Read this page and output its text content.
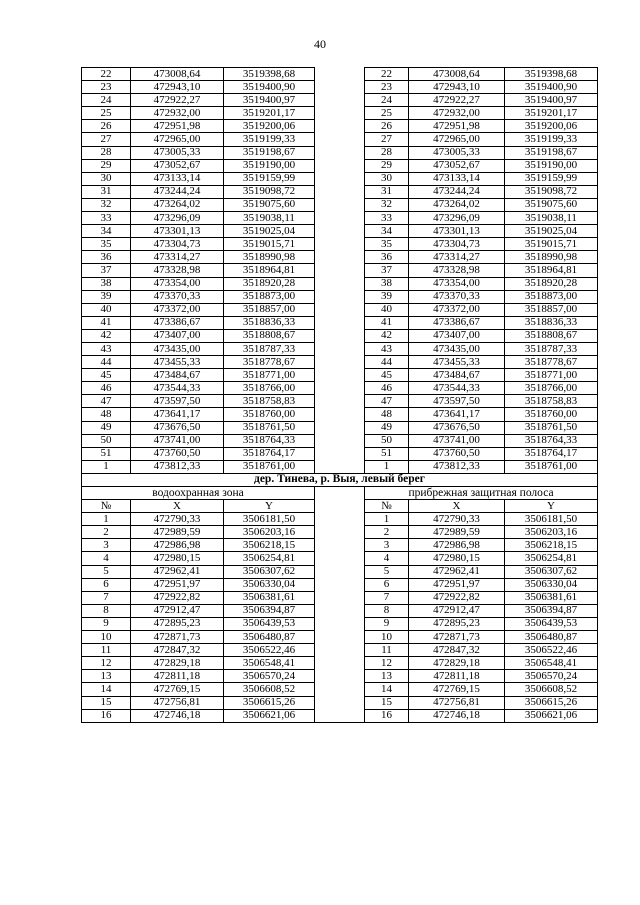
40
22	473008,64	3519398,68		22	473008,64	3519398,68
23	472943,10	3519400,90		23	472943,10	3519400,90
24	472922,27	3519400,97		24	472922,27	3519400,97
25	472932,00	3519201,17		25	472932,00	3519201,17
26	472951,98	3519200,06		26	472951,98	3519200,06
27	472965,00	3519199,33		27	472965,00	3519199,33
28	473005,33	3519198,67		28	473005,33	3519198,67
29	473052,67	3519190,00		29	473052,67	3519190,00
30	473133,14	3519159,99		30	473133,14	3519159,99
31	473244,24	3519098,72		31	473244,24	3519098,72
32	473264,02	3519075,60		32	473264,02	3519075,60
33	473296,09	3519038,11		33	473296,09	3519038,11
34	473301,13	3519025,04		34	473301,13	3519025,04
35	473304,73	3519015,71		35	473304,73	3519015,71
36	473314,27	3518990,98		36	473314,27	3518990,98
37	473328,98	3518964,81		37	473328,98	3518964,81
38	473354,00	3518920,28		38	473354,00	3518920,28
39	473370,33	3518873,00		39	473370,33	3518873,00
40	473372,00	3518857,00		40	473372,00	3518857,00
41	473386,67	3518836,33		41	473386,67	3518836,33
42	473407,00	3518808,67		42	473407,00	3518808,67
43	473435,00	3518787,33		43	473435,00	3518787,33
44	473455,33	3518778,67		44	473455,33	3518778,67
45	473484,67	3518771,00		45	473484,67	3518771,00
46	473544,33	3518766,00		46	473544,33	3518766,00
47	473597,50	3518758,83		47	473597,50	3518758,83
48	473641,17	3518760,00		48	473641,17	3518760,00
49	473676,50	3518761,50		49	473676,50	3518761,50
50	473741,00	3518764,33		50	473741,00	3518764,33
51	473760,50	3518764,17		51	473760,50	3518764,17
1	473812,33	3518761,00		1	473812,33	3518761,00
дер. Тинева, р. Выя, левый берег						
водоохранная зона				прибрежная защитная полоса		
№	X	Y		№	X	Y
1	472790,33	3506181,50		1	472790,33	3506181,50
2	472989,59	3506203,16		2	472989,59	3506203,16
3	472986,98	3506218,15		3	472986,98	3506218,15
4	472980,15	3506254,81		4	472980,15	3506254,81
5	472962,41	3506307,62		5	472962,41	3506307,62
6	472951,97	3506330,04		6	472951,97	3506330,04
7	472922,82	3506381,61		7	472922,82	3506381,61
8	472912,47	3506394,87		8	472912,47	3506394,87
9	472895,23	3506439,53		9	472895,23	3506439,53
10	472871,73	3506480,87		10	472871,73	3506480,87
11	472847,32	3506522,46		11	472847,32	3506522,46
12	472829,18	3506548,41		12	472829,18	3506548,41
13	472811,18	3506570,24		13	472811,18	3506570,24
14	472769,15	3506608,52		14	472769,15	3506608,52
15	472756,81	3506615,26		15	472756,81	3506615,26
16	472746,18	3506621,06		16	472746,18	3506621,06
